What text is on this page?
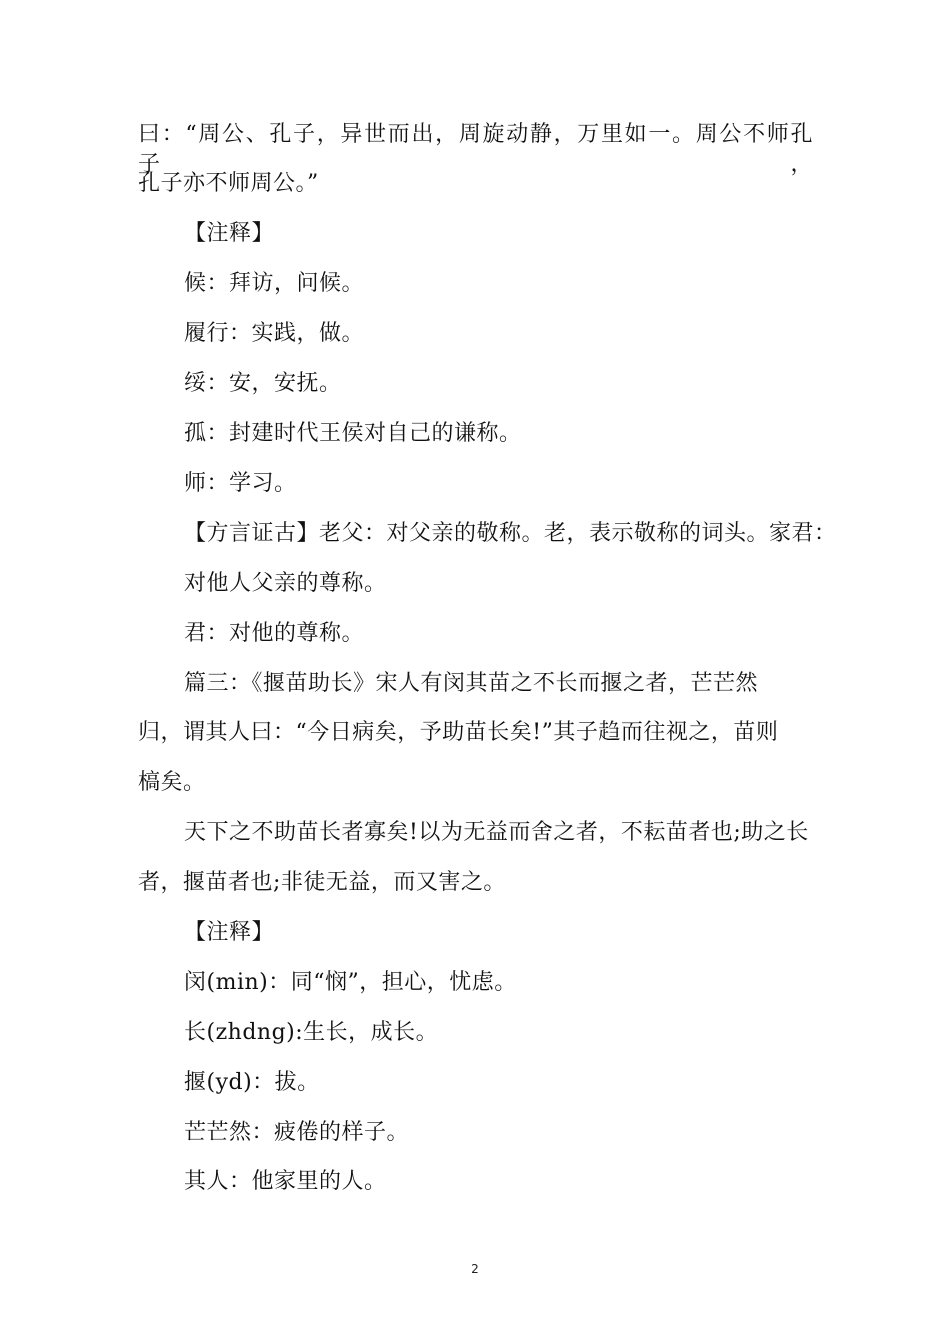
曰：“周公、孔子，异世而出，周旋动静，万里如一。周公不师孔子，
孔子亦不师周公。”
【注释】
候：拜访，问候。
履行：实践，做。
绥：安，安抚。
孤：封建时代王侯对自己的谦称。
师：学习。
【方言证古】老父：对父亲的敬称。老，表示敬称的词头。家君：
对他人父亲的尊称。
君：对他的尊称。
篇三：《揠苗助长》宋人有闵其苗之不长而揠之者，芒芒然
归，谓其人曰：“今日病矣，予助苗长矣!”其子趋而往视之，苗则
槁矣。
天下之不助苗长者寡矣!以为无益而舍之者，不耘苗者也;助之长
者，揠苗者也;非徒无益，而又害之。
【注释】
闵(min)：同“悯”，担心，忧虑。
长(zhdng):生长，成长。
揠(yd)：拔。
芒芒然：疲倦的样子。
其人：他家里的人。
2
